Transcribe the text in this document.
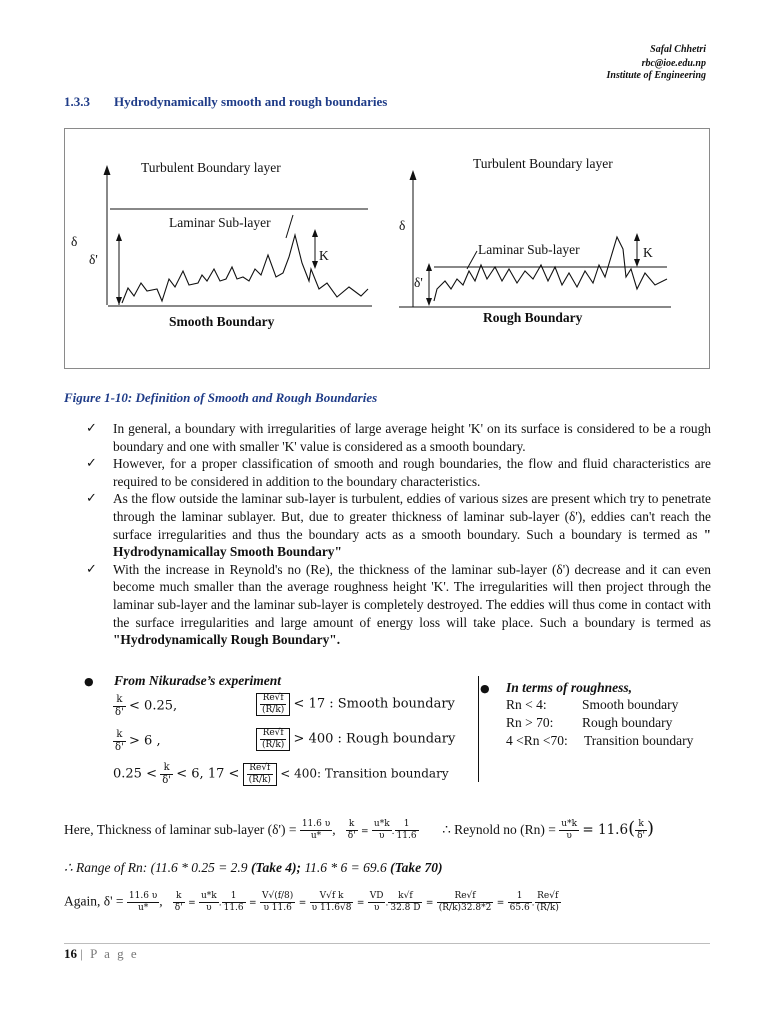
Safal Chhetri
rbc@ioe.edu.np
Institute of Engineering
1.3.3 Hydrodynamically smooth and rough boundaries
Turbulent Boundary layer
δ
Laminar Sub-layer
δ'	K
Smooth Boundary
Turbulent Boundary layer
δ
δ'
Laminar Sub-layer	K
Rough Boundary
Figure 1-10: Definition of Smooth and Rough Boundaries
✓ In general, a boundary with irregularities of large average height 'K' on its surface is considered to be a rough boundary and one with smaller 'K' value is considered as a smooth boundary.
✓ However, for a proper classification of smooth and rough boundaries, the flow and fluid characteristics are required to be considered in addition to the boundary characteristics.
✓ As the flow outside the laminar sub-layer is turbulent, eddies of various sizes are present which try to penetrate through the laminar sublayer. But, due to greater thickness of laminar sub-layer (δ'), eddies can't reach the surface irregularities and thus the boundary acts as a smooth boundary. Such a boundary is termed as " Hydrodynamicallay Smooth Boundary"
✓ With the increase in Reynold's no (Re), the thickness of the laminar sub-layer (δ') decrease and it can even become much smaller than the average roughness height 'K'. The irregularities will then project through the laminar sub-layer and the laminar sub-layer is completely destroyed. The eddies will thus come in contact with the surface irregularities and large amount of energy loss will take place. Such a boundary is termed as "Hydrodynamically Rough Boundary".
● From Nikuradse’s experiment
$\frac{k}{\delta'} < 0.25$,	$\frac{Re√f}{(R/k)} < 17$ : Smooth boundary
$\frac{k}{\delta'} > 6$ ,	$\frac{Re√f}{(R/k)} > 400$ : Rough boundary
$0.25 < \frac{k}{\delta'} < 6$, $17 < \frac{Re√f}{(R/k)} < 400$: Transition boundary
● In terms of roughness,
Rn < 4:	Smooth boundary
Rn > 70: Rough boundary
4 <Rn <70: Transition boundary
Here, Thickness of laminar sub-layer $(\delta') = \frac{11.6 \upsilon}{u*}$ , $\frac{k}{\delta'} = \frac{u*k}{\upsilon}$ . $\frac{1}{11.6}$ ∴ Reynold no $(Rn) = \frac{u*k}{\upsilon} = 11.6( \frac{k}{\delta'}$ )
∴ Range of Rn: (11.6 * 0.25 = 2.9 (Take 4); 11.6 * 6 = 69.6 (Take 70)
Again, $\delta' = \frac{11.6 \upsilon}{u*}$ , $\frac{k}{\delta'} = \frac{u*k}{\upsilon}$ . $\frac{1}{11.6} = \frac{V√(f/8)}{\upsilon 11.6} = \frac{\text{V√f k}}{\upsilon 11.6√8} = \frac{VD}{\upsilon}$ . $\frac{k√f}{32.8 D} = \frac{Re√f}{(R/k)32.8*2} = \frac{1}{65.6}$ . $\frac{Re√f}{(R/k)}$
16 | P a g e
